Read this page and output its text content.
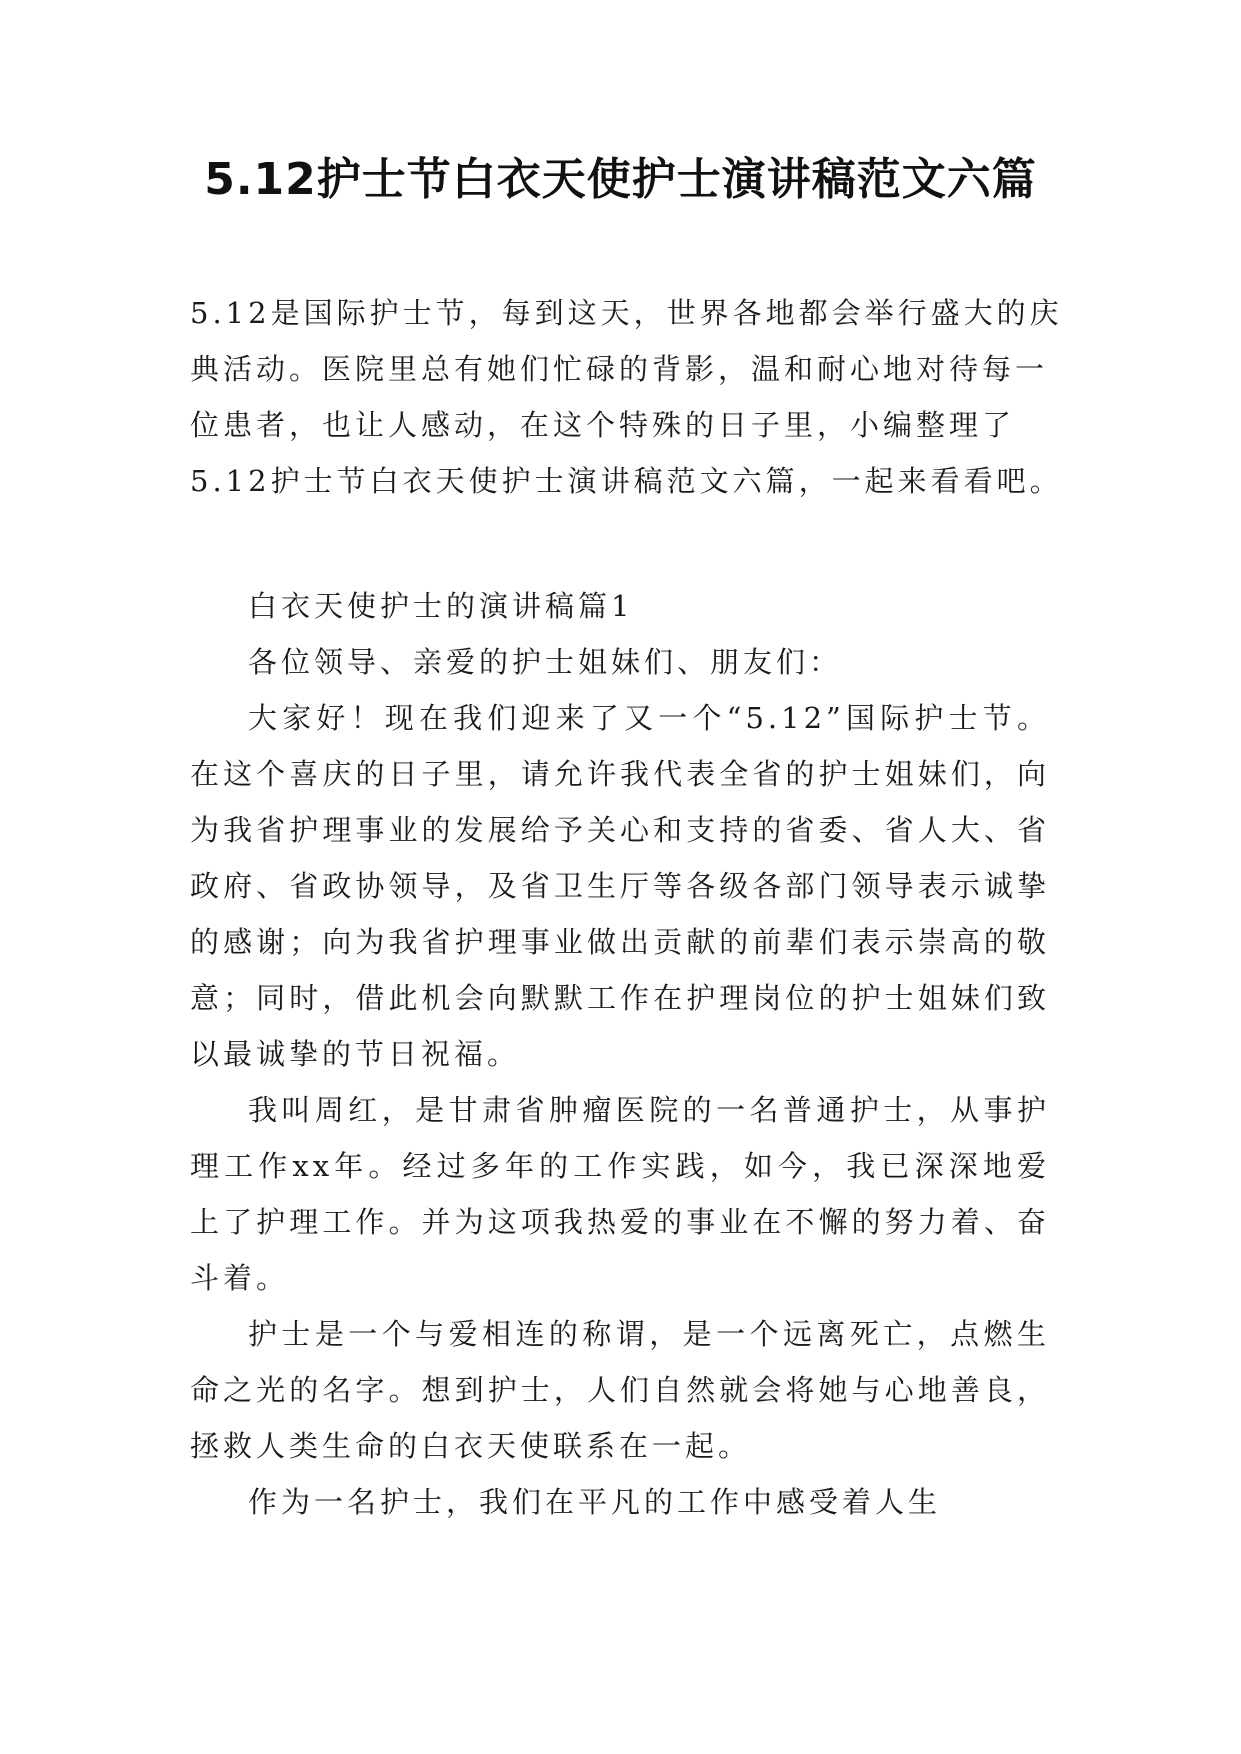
5.12护士节白衣天使护士演讲稿范文六篇
5.12是国际护士节，每到这天，世界各地都会举行盛大的庆
典活动。医院里总有她们忙碌的背影，温和耐心地对待每一
位患者，也让人感动，在这个特殊的日子里，小编整理了
5.12护士节白衣天使护士演讲稿范文六篇，一起来看看吧。

白衣天使护士的演讲稿篇1

各位领导、亲爱的护士姐妹们、朋友们：

大家好！现在我们迎来了又一个“5.12”国际护士节。在这个喜庆的日子里，请允许我代表全省的护士姐妹们，向为我省护理事业的发展给予关心和支持的省委、省人大、省政府、省政协领导，及省卫生厅等各级各部门领导表示诚挚的感谢；向为我省护理事业做出贡献的前辈们表示崇高的敬意；同时，借此机会向默默工作在护理岗位的护士姐妹们致以最诚挚的节日祝福。

我叫周红，是甘肃省肿瘤医院的一名普通护士，从事护理工作xx年。经过多年的工作实践，如今，我已深深地爱上了护理工作。并为这项我热爱的事业在不懈的努力着、奋斗着。

护士是一个与爱相连的称谓，是一个远离死亡，点燃生命之光的名字。想到护士，人们自然就会将她与心地善良，拯救人类生命的白衣天使联系在一起。

作为一名护士，我们在平凡的工作中感受着人生
